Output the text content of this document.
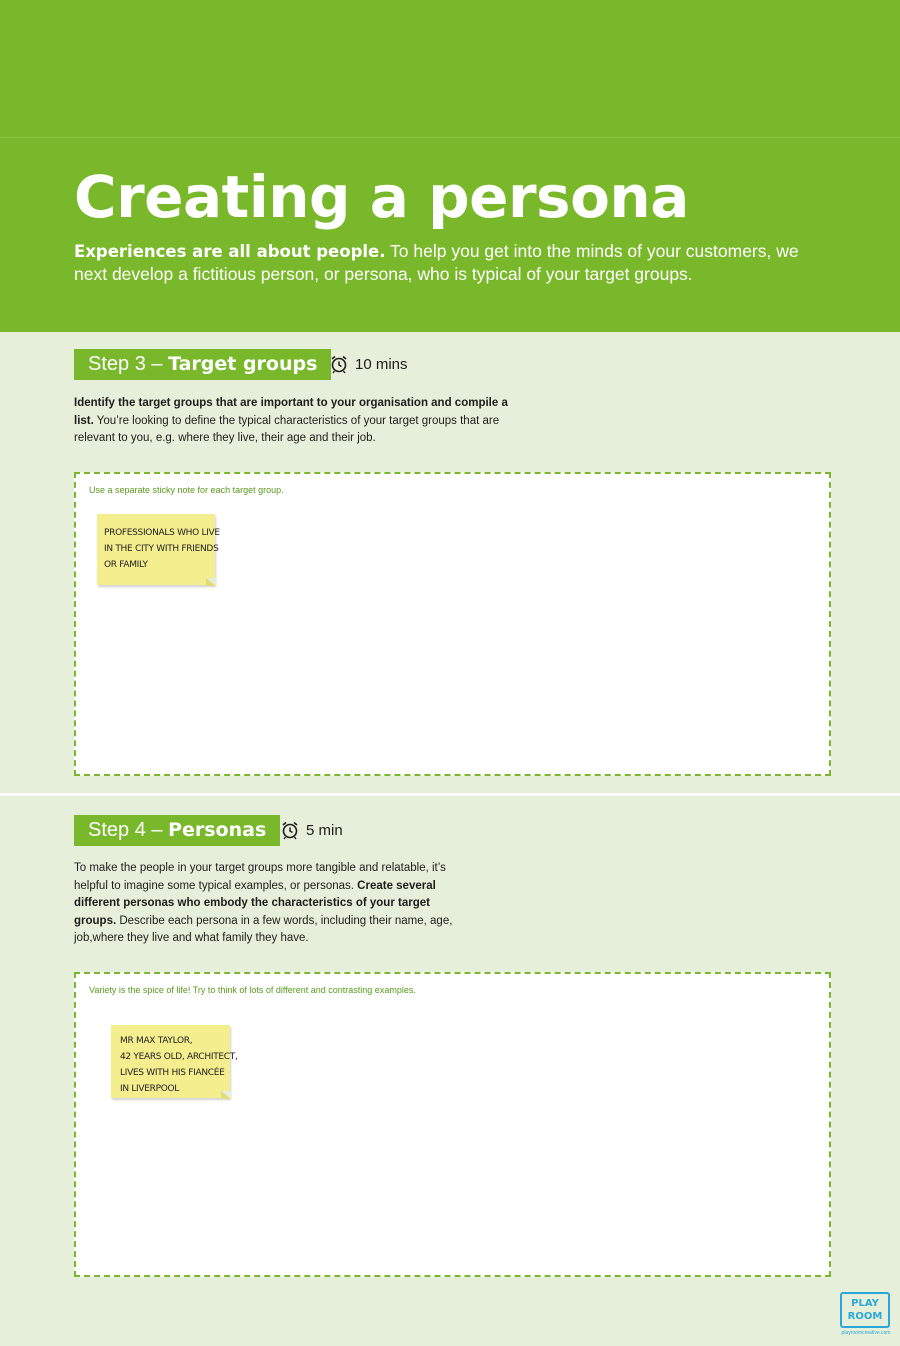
Creating a persona

Experiences are all about people. To help you get into the minds of your customers, we next develop a fictitious person, or persona, who is typical of your target groups.

Step 3 – Target groups	10 mins

Identify the target groups that are important to your organisation and compile a list. You’re looking to define the typical characteristics of your target groups that are relevant to you, e.g. where they live, their age and their job.

Use a separate sticky note for each target group.
PROFESSIONALS WHO LIVE
IN THE CITY WITH FRIENDS
OR FAMILY
Step 4 – Personas	5 min

To make the people in your target groups more tangible and relatable, it’s helpful to imagine some typical examples, or personas. Create several different personas who embody the characteristics of your target groups. Describe each persona in a few words, including their name, age, job,where they live and what family they have.

Variety is the spice of life! Try to think of lots of different and contrasting examples.
MR MAX TAYLOR,
42 YEARS OLD, ARCHITECT,
LIVES WITH HIS FIANCÉE
IN LIVERPOOL
PLAY
ROOM
playroomcreative.com
